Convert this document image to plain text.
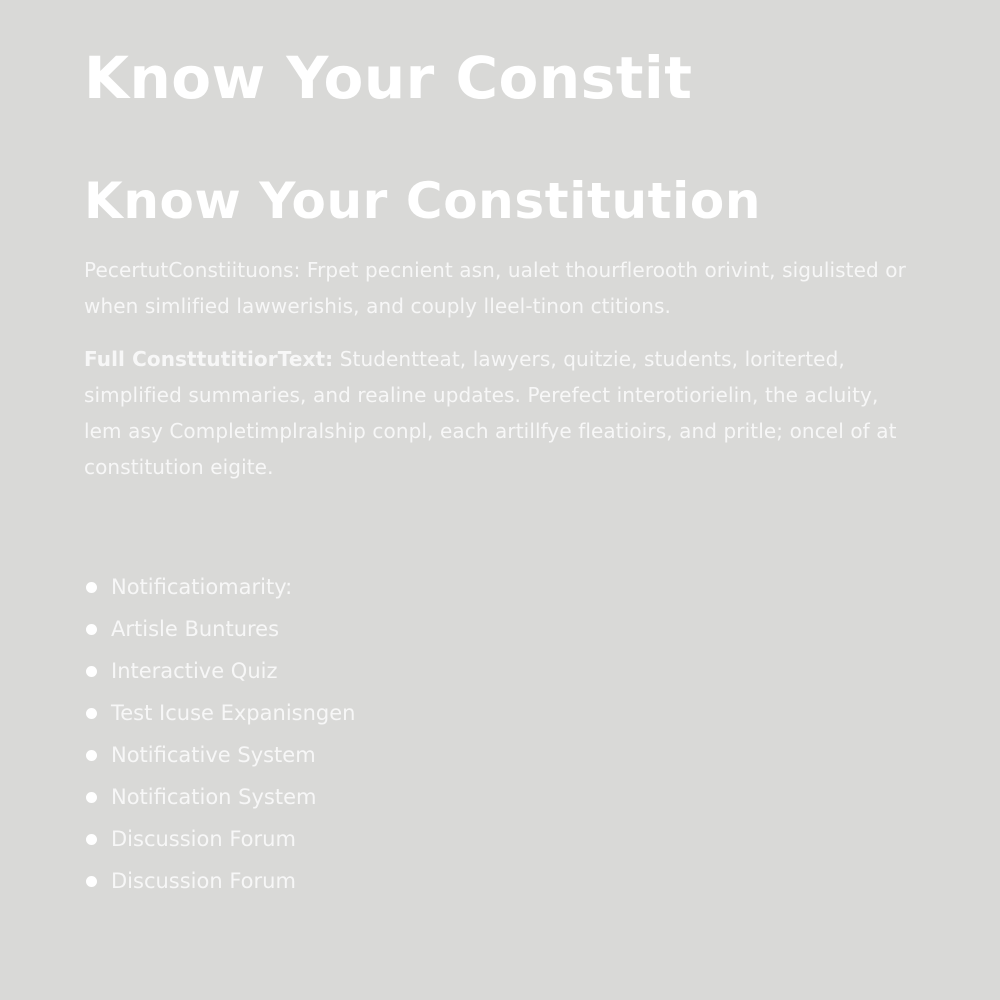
Know Your Constit
Know Your Constitution

PecertutConstiituons: Frpet pecnient asn, ualet thourflerooth orivint, sigulisted or when simlified lawwerishis, and couply lleel-tinon ctitions.

Full ConsttutitiorText: Studentteat, lawyers, quitzie, students, loriterted, simplified summaries, and realine updates. Perefect interotiorielin, the acluity, lem asy Completimplralship conpl, each artillfye fleatioirs, and pritle; oncel of at constitution eigite.

Notificatiomarity:
Artisle Buntures
Interactive Quiz
Test Icuse Expanisngen
Notificative System
Notification System
Discussion Forum
Discussion Forum
